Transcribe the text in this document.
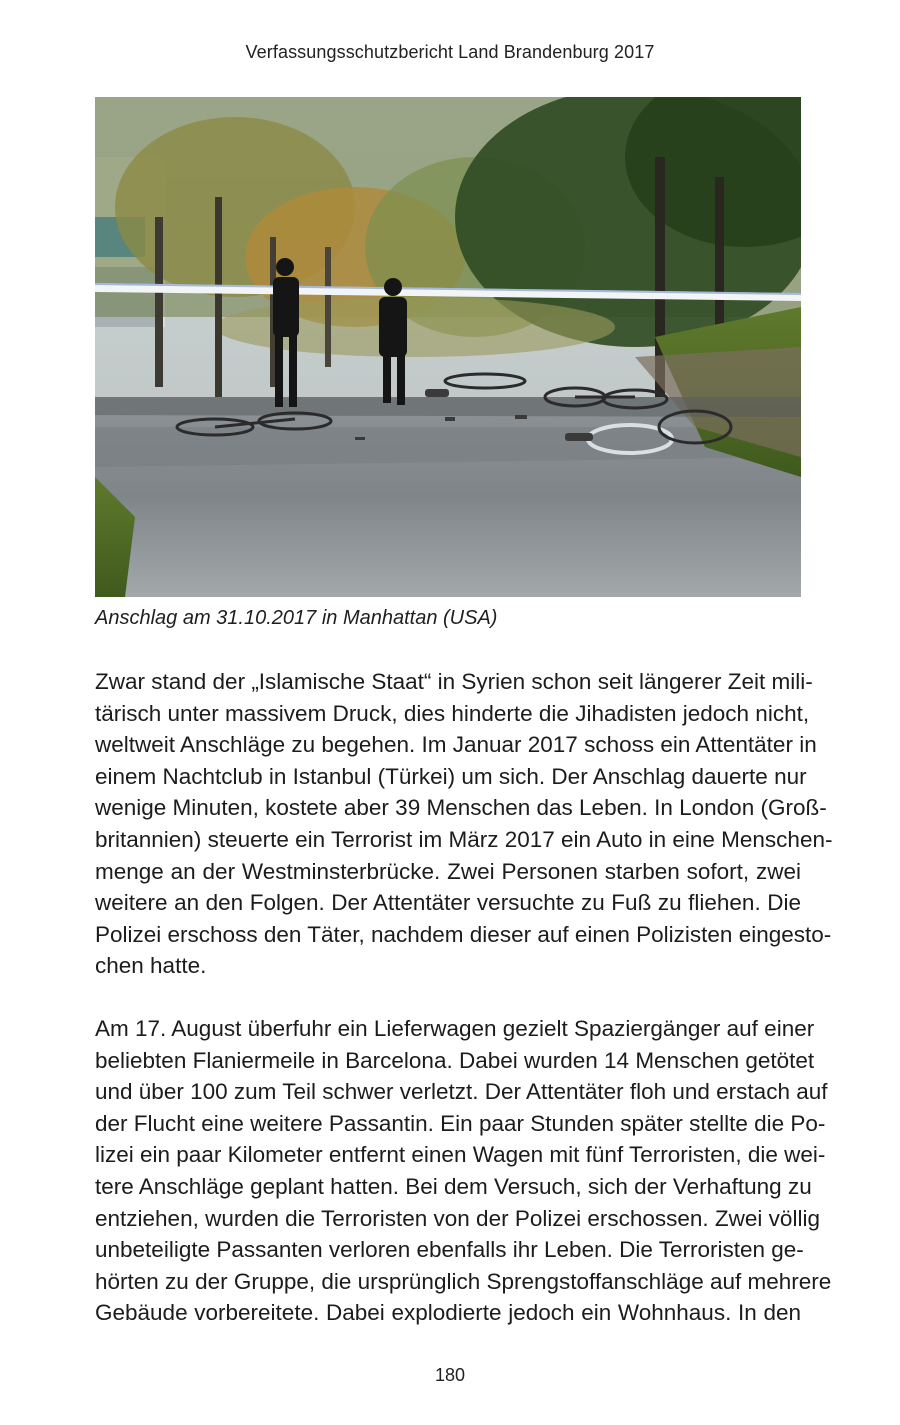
Verfassungsschutzbericht Land Brandenburg 2017
Anschlag am 31.10.2017 in Manhattan (USA)
Zwar stand der „Islamische Staat“ in Syrien schon seit längerer Zeit mili-
tärisch unter massivem Druck, dies hinderte die Jihadisten jedoch nicht,
weltweit Anschläge zu begehen. Im Januar 2017 schoss ein Attentäter in
einem Nachtclub in Istanbul (Türkei) um sich. Der Anschlag dauerte nur
wenige Minuten, kostete aber 39 Menschen das Leben. In London (Groß-
britannien) steuerte ein Terrorist im März 2017 ein Auto in eine Menschen-
menge an der Westminsterbrücke. Zwei Personen starben sofort, zwei
weitere an den Folgen. Der Attentäter versuchte zu Fuß zu fliehen. Die
Polizei erschoss den Täter, nachdem dieser auf einen Polizisten eingesto-
chen hatte.
Am 17. August überfuhr ein Lieferwagen gezielt Spaziergänger auf einer
beliebten Flaniermeile in Barcelona. Dabei wurden 14 Menschen getötet
und über 100 zum Teil schwer verletzt. Der Attentäter floh und erstach auf
der Flucht eine weitere Passantin. Ein paar Stunden später stellte die Po-
lizei ein paar Kilometer entfernt einen Wagen mit fünf Terroristen, die wei-
tere Anschläge geplant hatten. Bei dem Versuch, sich der Verhaftung zu
entziehen, wurden die Terroristen von der Polizei erschossen. Zwei völlig
unbeteiligte Passanten verloren ebenfalls ihr Leben. Die Terroristen ge-
hörten zu der Gruppe, die ursprünglich Sprengstoffanschläge auf mehrere
Gebäude vorbereitete. Dabei explodierte jedoch ein Wohnhaus. In den
180
